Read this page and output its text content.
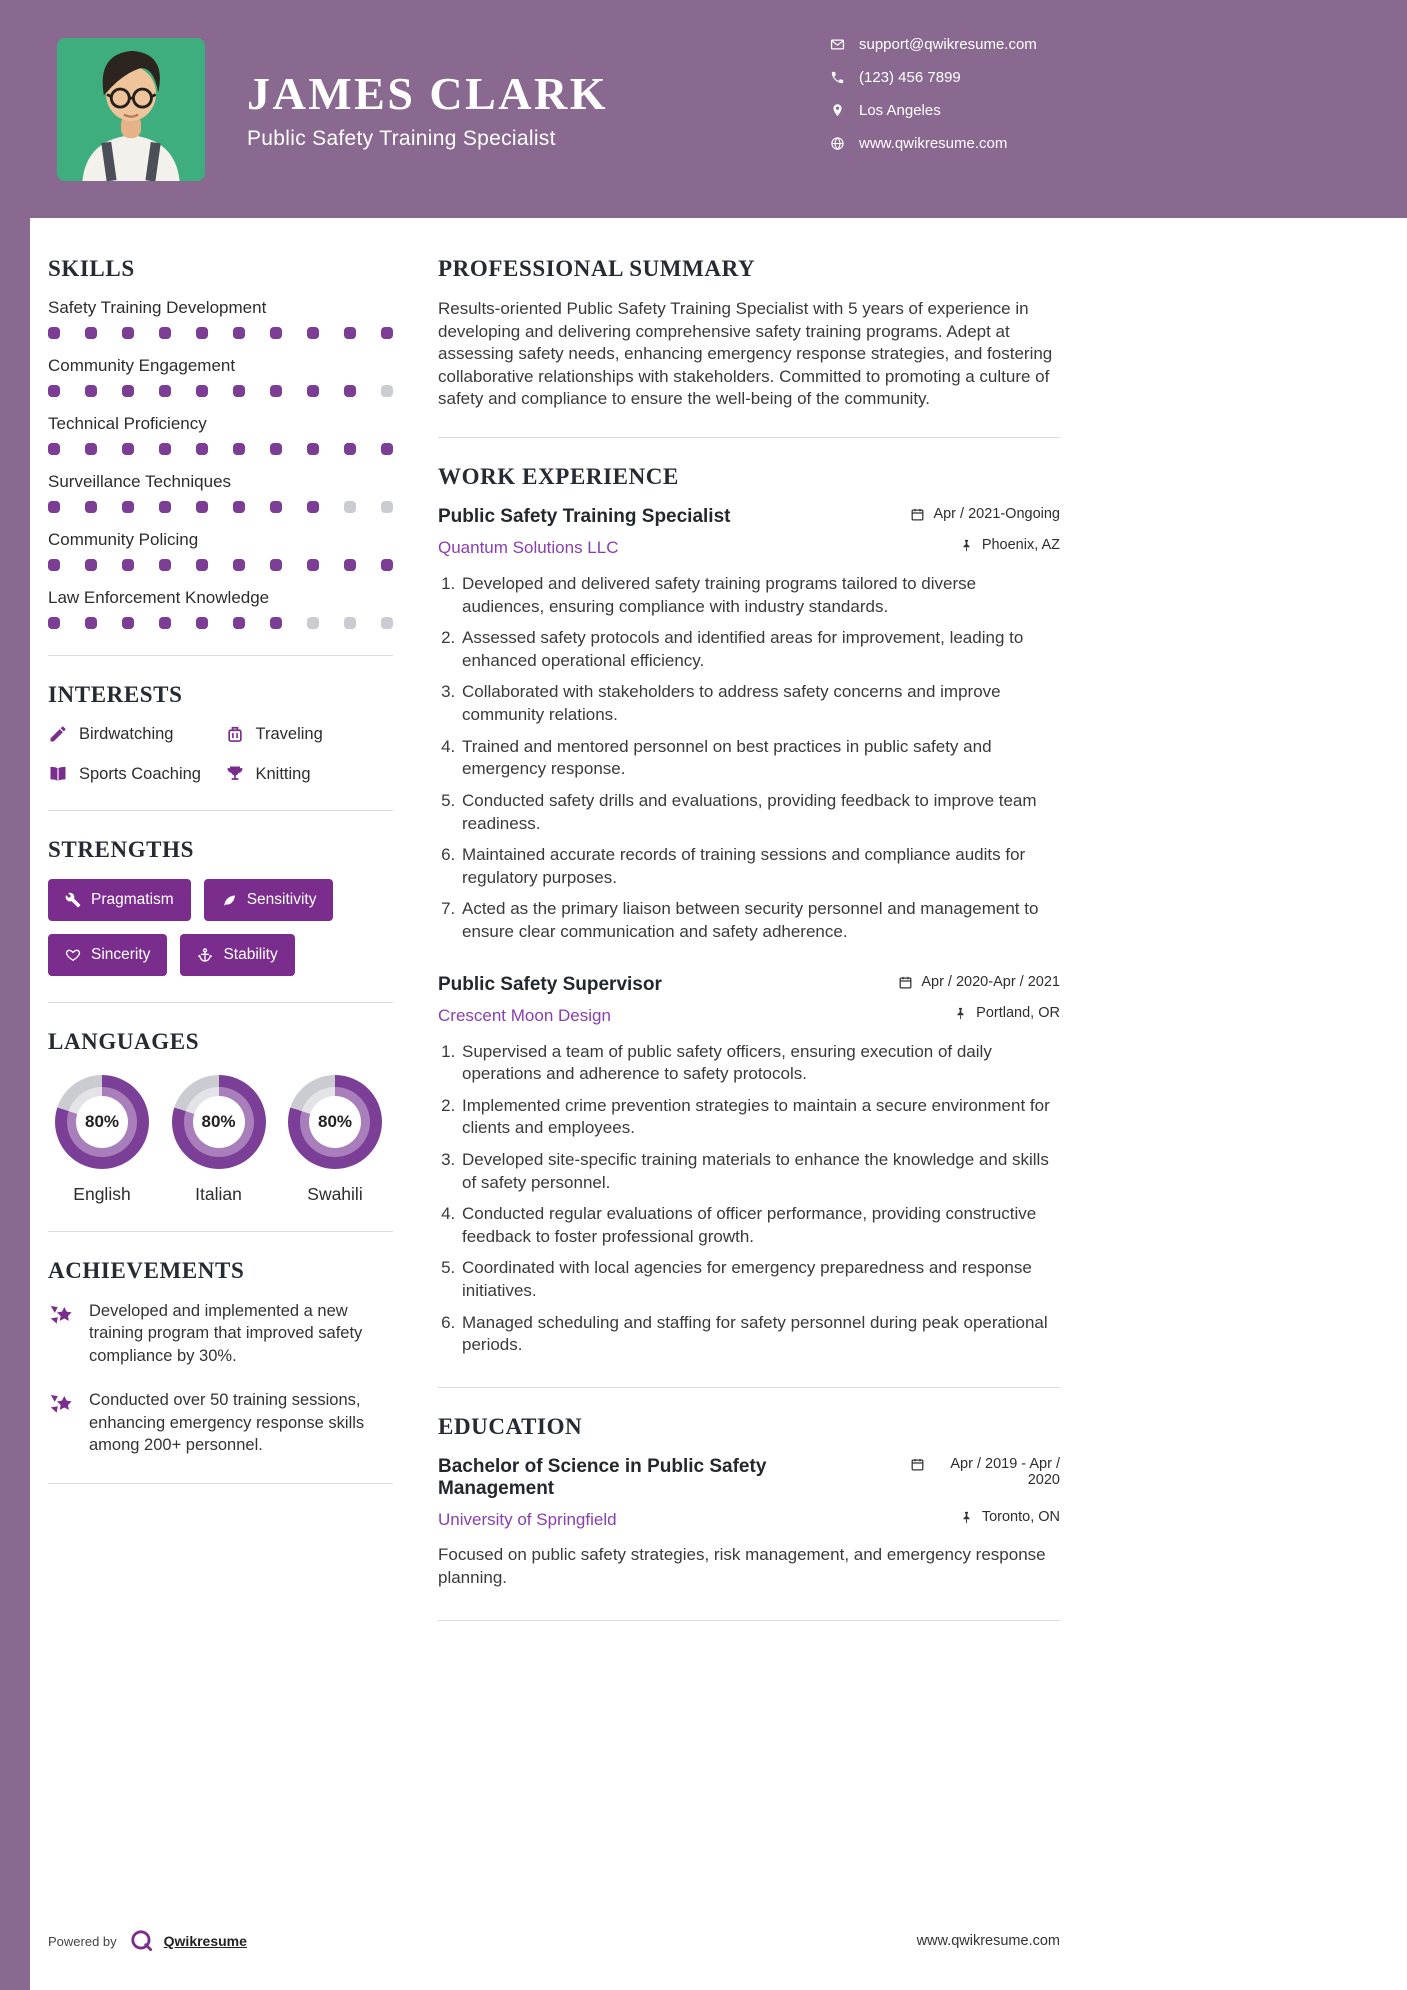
JAMES CLARK
Public Safety Training Specialist
support@qwikresume.com
(123) 456 7899
Los Angeles
www.qwikresume.com
SKILLS
Safety Training Development
Community Engagement
Technical Proficiency
Surveillance Techniques
Community Policing
Law Enforcement Knowledge
INTERESTS
Birdwatching	Traveling
Sports Coaching	Knitting
STRENGTHS
Pragmatism	Sensitivity
Sincerity	Stability
LANGUAGES
80%
English
80%
Italian
80%
Swahili
ACHIEVEMENTS
Developed and implemented a new training program that improved safety compliance by 30%.
Conducted over 50 training sessions, enhancing emergency response skills among 200+ personnel.
PROFESSIONAL SUMMARY

Results-oriented Public Safety Training Specialist with 5 years of experience in developing and delivering comprehensive safety training programs. Adept at assessing safety needs, enhancing emergency response strategies, and fostering collaborative relationships with stakeholders. Committed to promoting a culture of safety and compliance to ensure the well-being of the community.

WORK EXPERIENCE
Public Safety Training Specialist	Apr / 2021-Ongoing
Quantum Solutions LLC	Phoenix, AZ
1. Developed and delivered safety training programs tailored to diverse audiences, ensuring compliance with industry standards.
2. Assessed safety protocols and identified areas for improvement, leading to enhanced operational efficiency.
3. Collaborated with stakeholders to address safety concerns and improve community relations.
4. Trained and mentored personnel on best practices in public safety and emergency response.
5. Conducted safety drills and evaluations, providing feedback to improve team readiness.
6. Maintained accurate records of training sessions and compliance audits for regulatory purposes.
7. Acted as the primary liaison between security personnel and management to ensure clear communication and safety adherence.
Public Safety Supervisor	Apr / 2020-Apr / 2021
Crescent Moon Design	Portland, OR
1. Supervised a team of public safety officers, ensuring execution of daily operations and adherence to safety protocols.
2. Implemented crime prevention strategies to maintain a secure environment for clients and employees.
3. Developed site-specific training materials to enhance the knowledge and skills of safety personnel.
4. Conducted regular evaluations of officer performance, providing constructive feedback to foster professional growth.
5. Coordinated with local agencies for emergency preparedness and response initiatives.
6. Managed scheduling and staffing for safety personnel during peak operational periods.
EDUCATION
Bachelor of Science in Public Safety Management
Apr / 2019 - Apr / 2020
University of Springfield	Toronto, ON

Focused on public safety strategies, risk management, and emergency response planning.

Powered by	Qwikresume	www.qwikresume.com
